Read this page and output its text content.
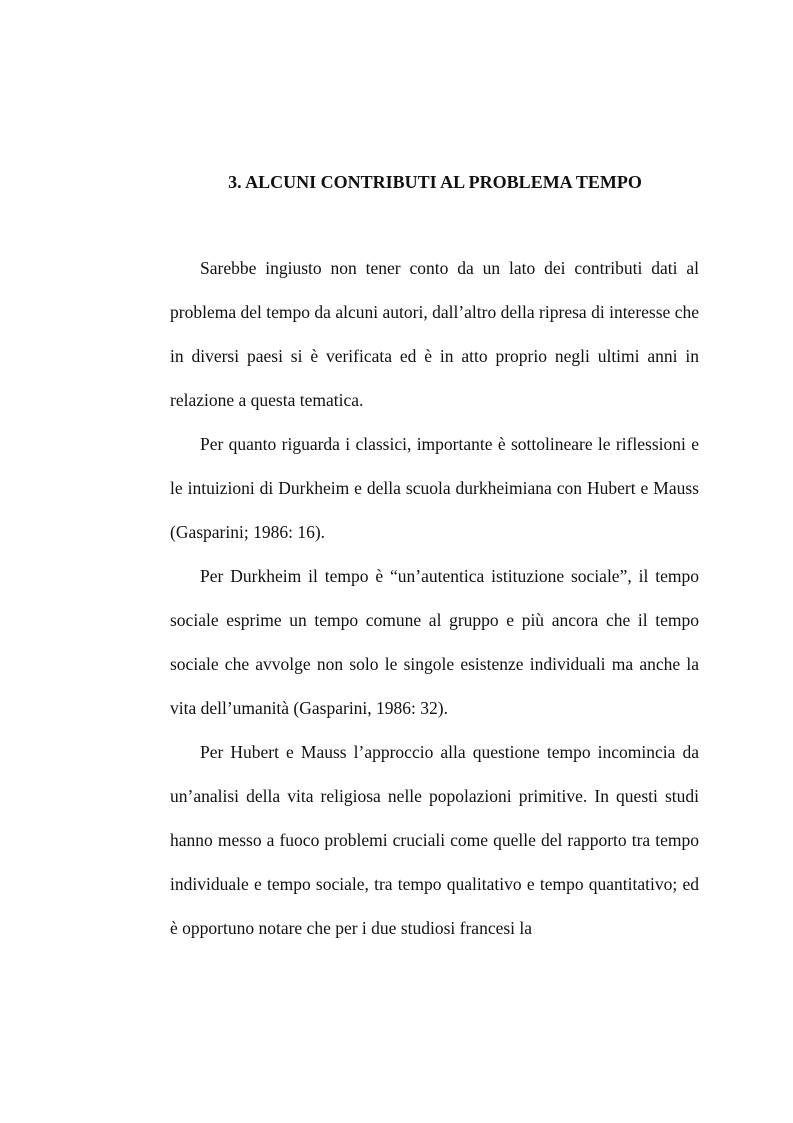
3. ALCUNI CONTRIBUTI AL PROBLEMA TEMPO

Sarebbe ingiusto non tener conto da un lato dei contributi dati al problema del tempo da alcuni autori, dall’altro della ripresa di interesse che in diversi paesi si è verificata ed è in atto proprio negli ultimi anni in relazione a questa tematica.

Per quanto riguarda i classici, importante è sottolineare le riflessioni e le intuizioni di Durkheim e della scuola durkheimiana con Hubert e Mauss (Gasparini; 1986: 16).

Per Durkheim il tempo è “un’autentica istituzione sociale”, il tempo sociale esprime un tempo comune al gruppo e più ancora che il tempo sociale che avvolge non solo le singole esistenze individuali ma anche la vita dell’umanità (Gasparini, 1986: 32).

Per Hubert e Mauss l’approccio alla questione tempo incomincia da un’analisi della vita religiosa nelle popolazioni primitive. In questi studi hanno messo a fuoco problemi cruciali come quelle del rapporto tra tempo individuale e tempo sociale, tra tempo qualitativo e tempo quantitativo; ed è opportuno notare che per i due studiosi francesi la
